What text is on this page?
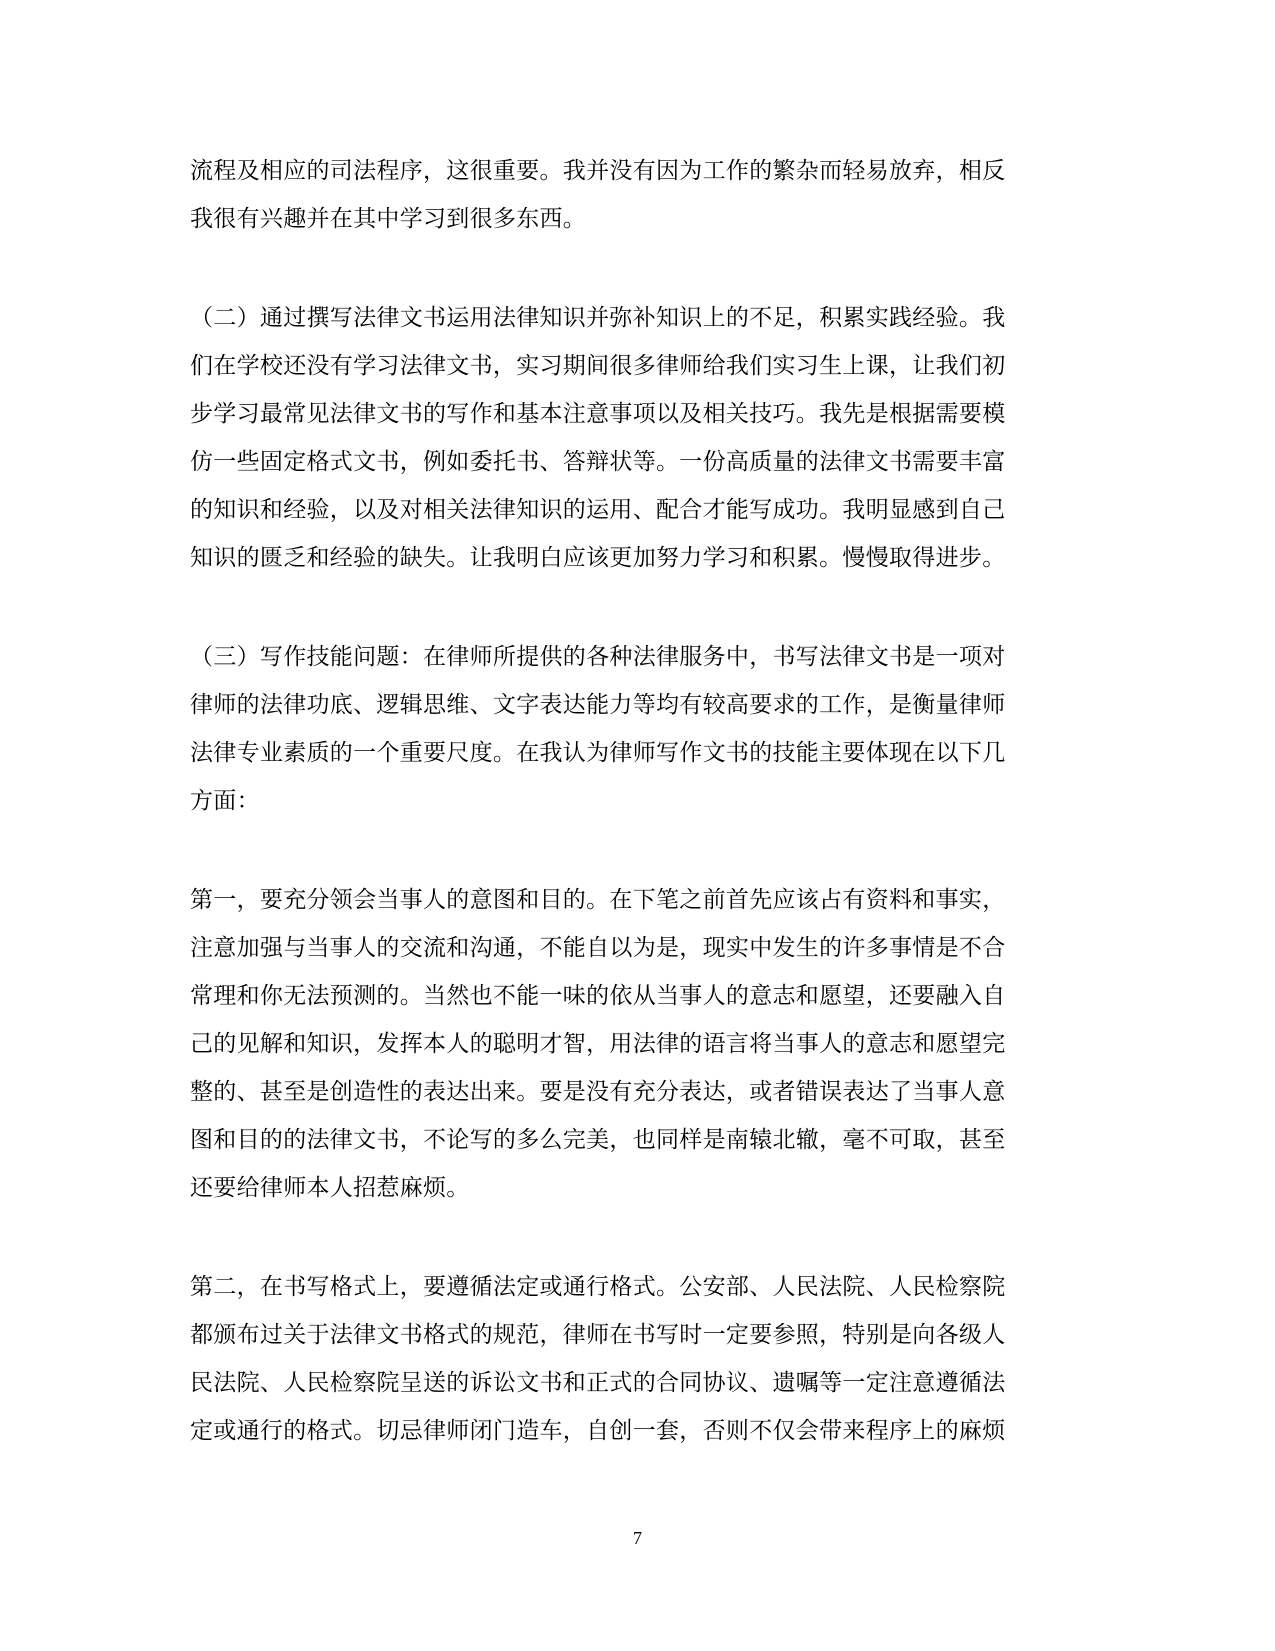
流程及相应的司法程序，这很重要。我并没有因为工作的繁杂而轻易放弃，相反
我很有兴趣并在其中学习到很多东西。
（二）通过撰写法律文书运用法律知识并弥补知识上的不足，积累实践经验。我
们在学校还没有学习法律文书，实习期间很多律师给我们实习生上课，让我们初
步学习最常见法律文书的写作和基本注意事项以及相关技巧。我先是根据需要模
仿一些固定格式文书，例如委托书、答辩状等。一份高质量的法律文书需要丰富
的知识和经验，以及对相关法律知识的运用、配合才能写成功。我明显感到自己
知识的匮乏和经验的缺失。让我明白应该更加努力学习和积累。慢慢取得进步。
（三）写作技能问题：在律师所提供的各种法律服务中，书写法律文书是一项对
律师的法律功底、逻辑思维、文字表达能力等均有较高要求的工作，是衡量律师
法律专业素质的一个重要尺度。在我认为律师写作文书的技能主要体现在以下几
方面：
第一，要充分领会当事人的意图和目的。在下笔之前首先应该占有资料和事实，
注意加强与当事人的交流和沟通，不能自以为是，现实中发生的许多事情是不合
常理和你无法预测的。当然也不能一味的依从当事人的意志和愿望，还要融入自
己的见解和知识，发挥本人的聪明才智，用法律的语言将当事人的意志和愿望完
整的、甚至是创造性的表达出来。要是没有充分表达，或者错误表达了当事人意
图和目的的法律文书，不论写的多么完美，也同样是南辕北辙，毫不可取，甚至
还要给律师本人招惹麻烦。
第二，在书写格式上，要遵循法定或通行格式。公安部、人民法院、人民检察院
都颁布过关于法律文书格式的规范，律师在书写时一定要参照，特别是向各级人
民法院、人民检察院呈送的诉讼文书和正式的合同协议、遗嘱等一定注意遵循法
定或通行的格式。切忌律师闭门造车，自创一套，否则不仅会带来程序上的麻烦
7
